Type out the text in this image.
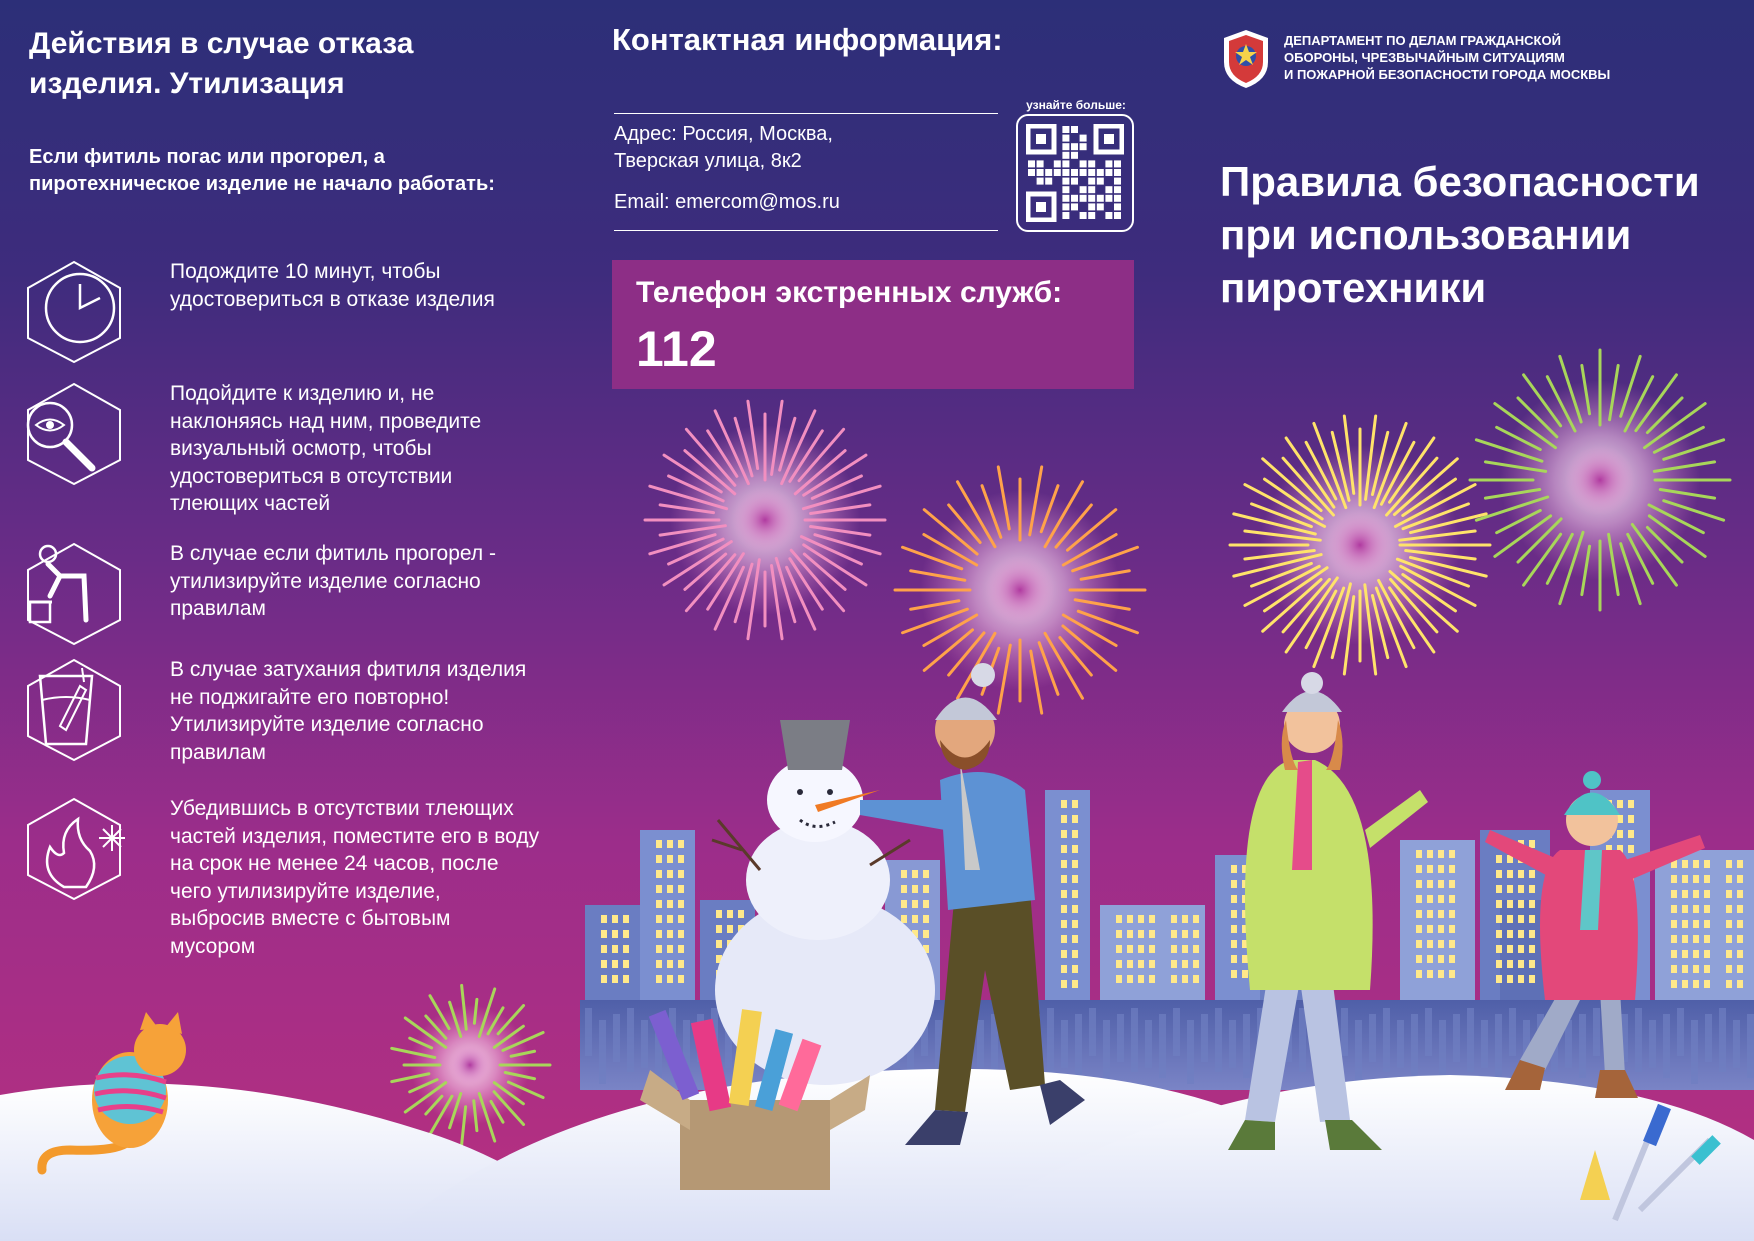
Действия в случае отказа изделия. Утилизация
Если фитиль погас или прогорел, а пиротехническое изделие не начало работать:
Подождите 10 минут, чтобы удостовериться в отказе изделия
Подойдите к изделию и, не наклоняясь над ним, проведите визуальный осмотр, чтобы удостовериться в отсутствии тлеющих частей
В случае если фитиль прогорел - утилизируйте изделие согласно правилам
В случае затухания фитиля изделия не поджигайте его повторно! Утилизируйте изделие согласно правилам
Убедившись в отсутствии тлеющих частей изделия, поместите его в воду на срок не менее 24 часов, после чего утилизируйте изделие, выбросив вместе с бытовым мусором
Контактная информация:
Адрес: Россия, Москва,
Тверская улица, 8к2
Email: emercom@mos.ru
узнайте больше:
Телефон экстренных служб:
112
ДЕПАРТАМЕНТ ПО ДЕЛАМ ГРАЖДАНСКОЙ
ОБОРОНЫ, ЧРЕЗВЫЧАЙНЫМ СИТУАЦИЯМ
И ПОЖАРНОЙ БЕЗОПАСНОСТИ ГОРОДА МОСКВЫ
Правила безопасности
при использовании
пиротехники
